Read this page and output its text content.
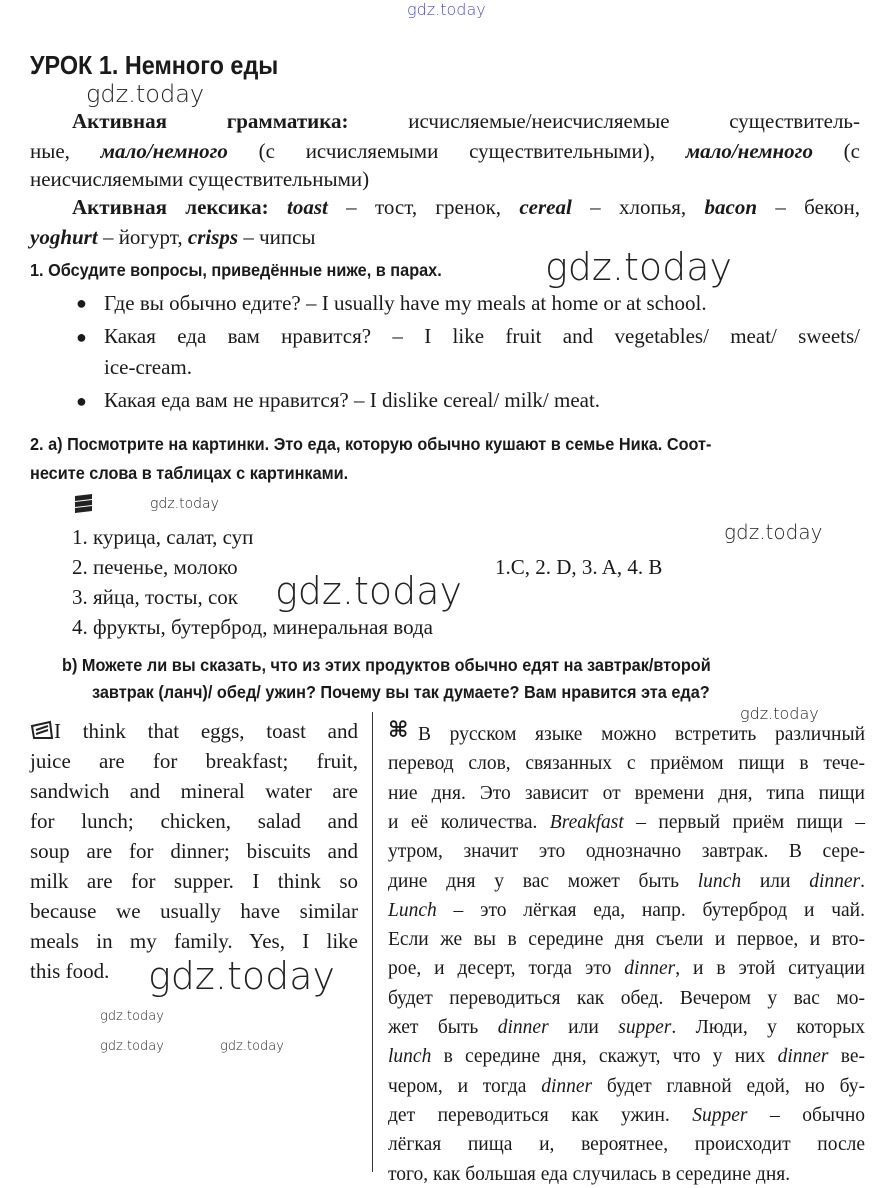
gdz.today
УРОК 1. Немного еды
gdz.today
Активная грамматика: исчисляемые/неисчисляемые существитель-
ные, мало/немного (с исчисляемыми существительными), мало/немного (с
неисчисляемыми существительными)
Активная лексика: toast – тост, гренок, cereal – хлопья, bacon – бекон,
yoghurt – йогурт, crisps – чипсы
1. Обсудите вопросы, приведённые ниже, в парах.	gdz.today
● Где вы обычно едите? – I usually have my meals at home or at school.
● Какая еда вам нравится? – I like fruit and vegetables/ meat/ sweets/
ice-cream.
● Какая еда вам не нравится? – I dislike cereal/ milk/ meat.
gdz.today
2. a) Посмотрите на картинки. Это еда, которую обычно кушают в семье Ника. Соот-
несите слова в таблицах с картинками.
1. курица, салат, суп
2. печенье, молоко
3. яйца, тосты, сок
4. фрукты, бутерброд, минеральная вода
1.C, 2. D, 3. A, 4. B
gdz.today
gdz.today
b) Можете ли вы сказать, что из этих продуктов обычно едят на завтрак/второй
завтрак (ланч)/ обед/ ужин? Почему вы так думаете? Вам нравится эта еда?
gdz.today
I think that eggs, toast and
juice are for breakfast; fruit,
sandwich and mineral water are
for lunch; chicken, salad and
soup are for dinner; biscuits and
milk are for supper. I think so
because we usually have similar
meals in my family. Yes, I like
this food.
⌘ В русском языке можно встретить различный
перевод слов, связанных с приёмом пищи в тече-
ние дня. Это зависит от времени дня, типа пищи
и её количества. Breakfast – первый приём пищи –
утром, значит это однозначно завтрак. В сере-
дине дня у вас может быть lunch или dinner.
Lunch – это лёгкая еда, напр. бутерброд и чай.
Если же вы в середине дня съели и первое, и вто-
рое, и десерт, тогда это dinner, и в этой ситуации
будет переводиться как обед. Вечером у вас мо-
жет быть dinner или supper. Люди, у которых
lunch в середине дня, скажут, что у них dinner ве-
чером, и тогда dinner будет главной едой, но бу-
дет переводиться как ужин. Supper – обычно
лёгкая пища и, вероятнее, происходит после
того, как большая еда случилась в середине дня.
gdz.today
gdz.today
gdz.today	gdz.today
